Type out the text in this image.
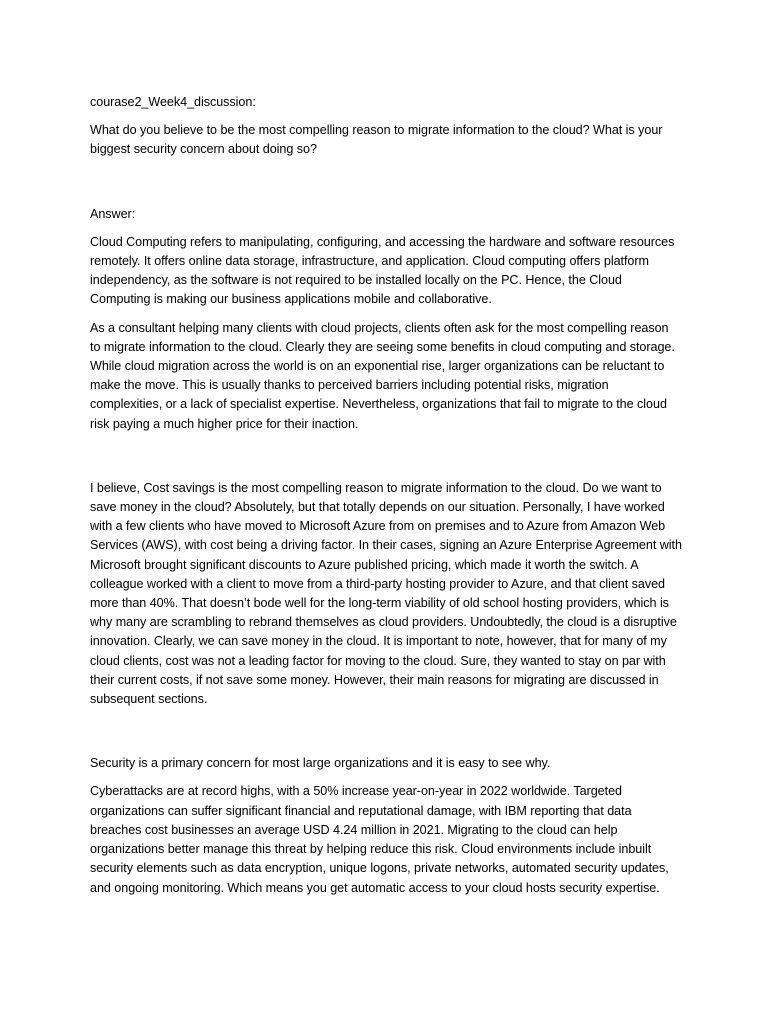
courase2_Week4_discussion:

What do you believe to be the most compelling reason to migrate information to the cloud? What is your biggest security concern about doing so?

Answer:

Cloud Computing refers to manipulating, configuring, and accessing the hardware and software resources remotely. It offers online data storage, infrastructure, and application. Cloud computing offers platform independency, as the software is not required to be installed locally on the PC. Hence, the Cloud Computing is making our business applications mobile and collaborative.

As a consultant helping many clients with cloud projects, clients often ask for the most compelling reason to migrate information to the cloud. Clearly they are seeing some benefits in cloud computing and storage. While cloud migration across the world is on an exponential rise, larger organizations can be reluctant to make the move. This is usually thanks to perceived barriers including potential risks, migration complexities, or a lack of specialist expertise. Nevertheless, organizations that fail to migrate to the cloud risk paying a much higher price for their inaction.

I believe, Cost savings is the most compelling reason to migrate information to the cloud. Do we want to save money in the cloud? Absolutely, but that totally depends on our situation. Personally, I have worked with a few clients who have moved to Microsoft Azure from on premises and to Azure from Amazon Web Services (AWS), with cost being a driving factor. In their cases, signing an Azure Enterprise Agreement with Microsoft brought significant discounts to Azure published pricing, which made it worth the switch. A colleague worked with a client to move from a third-party hosting provider to Azure, and that client saved more than 40%. That doesn’t bode well for the long-term viability of old school hosting providers, which is why many are scrambling to rebrand themselves as cloud providers. Undoubtedly, the cloud is a disruptive innovation. Clearly, we can save money in the cloud. It is important to note, however, that for many of my cloud clients, cost was not a leading factor for moving to the cloud. Sure, they wanted to stay on par with their current costs, if not save some money. However, their main reasons for migrating are discussed in subsequent sections.

Security is a primary concern for most large organizations and it is easy to see why.

Cyberattacks are at record highs, with a 50% increase year-on-year in 2022 worldwide. Targeted organizations can suffer significant financial and reputational damage, with IBM reporting that data breaches cost businesses an average USD 4.24 million in 2021. Migrating to the cloud can help organizations better manage this threat by helping reduce this risk. Cloud environments include inbuilt security elements such as data encryption, unique logons, private networks, automated security updates, and ongoing monitoring. Which means you get automatic access to your cloud hosts security expertise.
